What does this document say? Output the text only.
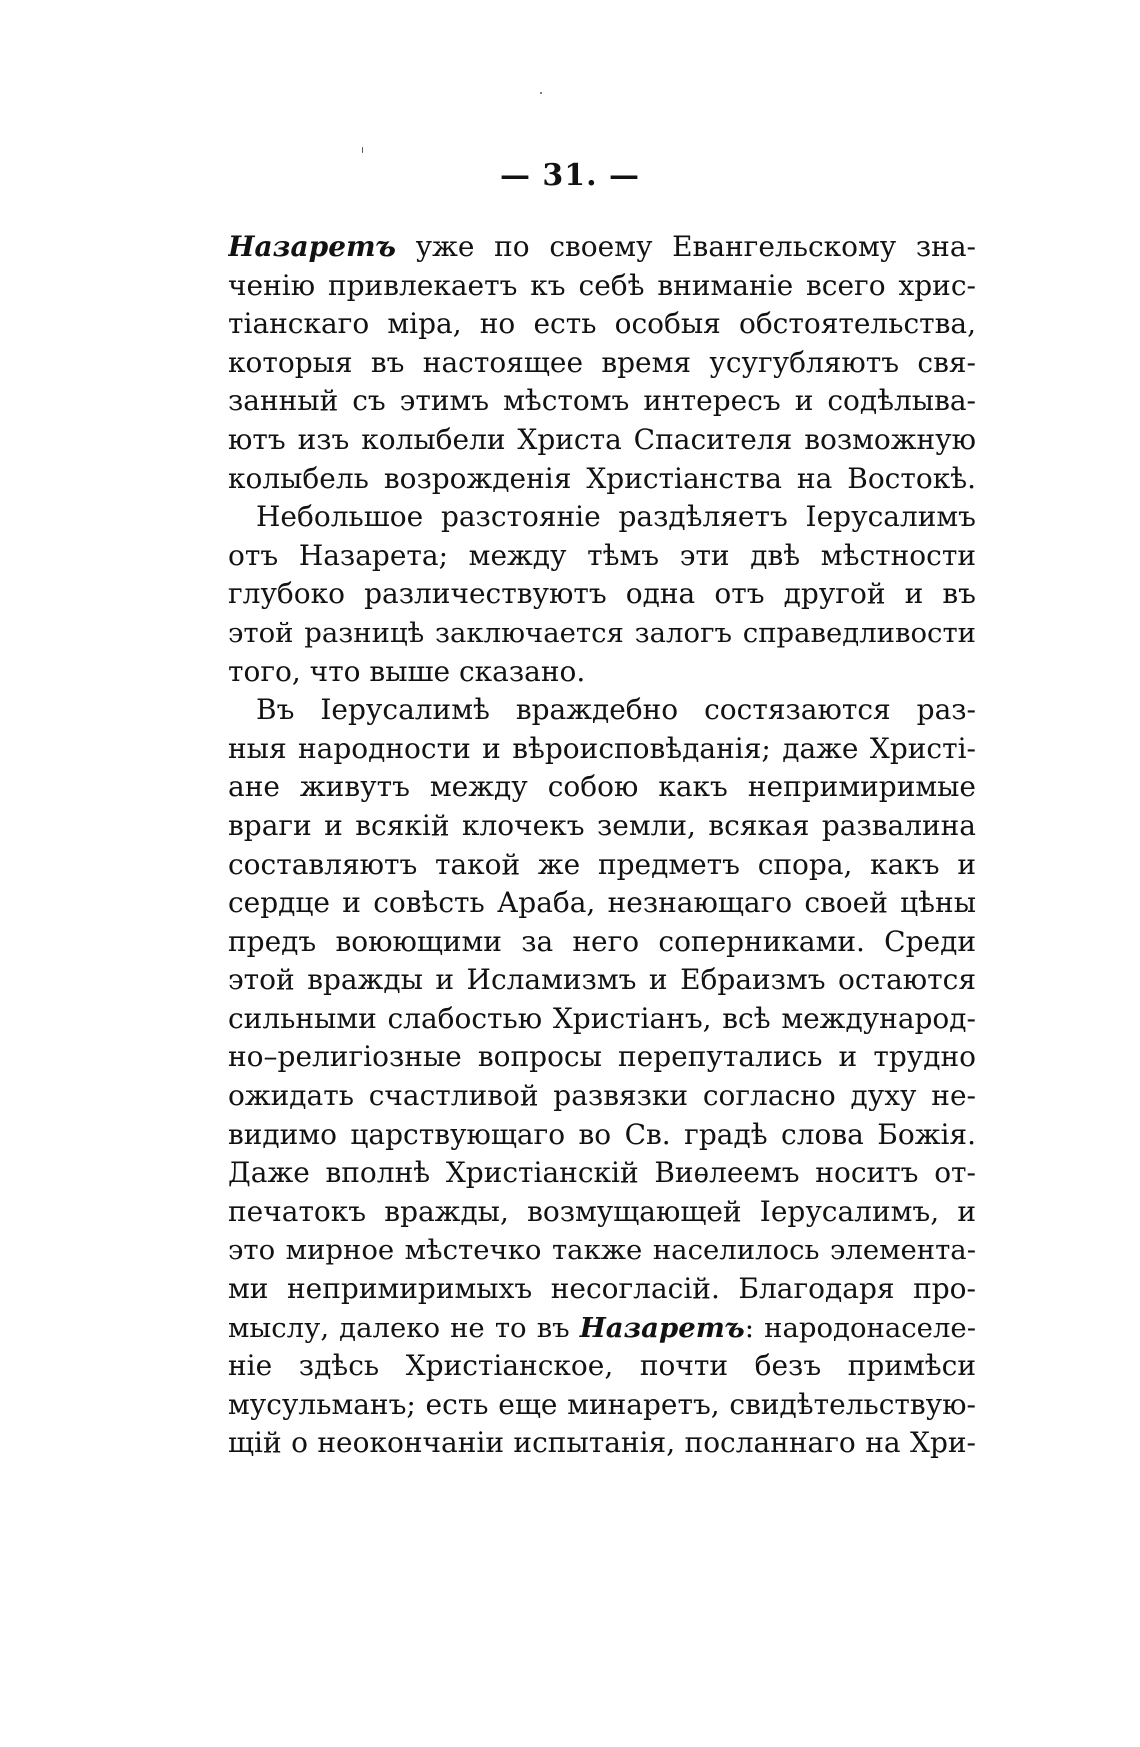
— 31. —
Назаретъ уже по своему Евангельскому зна-
ченію привлекаетъ къ себѣ вниманіе всего хрис-
тіанскаго міра, но есть особыя обстоятельства,
которыя въ настоящее время усугубляютъ свя-
занный съ этимъ мѣстомъ интересъ и содѣлыва-
ютъ изъ колыбели Христа Спасителя возможную
колыбель возрожденія Христіанства на Востокѣ.
Небольшое разстояніе раздѣляетъ Іерусалимъ
отъ Назарета; между тѣмъ эти двѣ мѣстности
глубоко различествуютъ одна отъ другой и въ
этой разницѣ заключается залогъ справедливости
того, что выше сказано.
Въ Іерусалимѣ враждебно состязаются раз-
ныя народности и вѣроисповѣданія; даже Христі-
ане живутъ между собою какъ непримиримые
враги и всякій клочекъ земли, всякая развалина
составляютъ такой же предметъ спора, какъ и
сердце и совѣсть Араба, незнающаго своей цѣны
предъ воюющими за него соперниками. Среди
этой вражды и Исламизмъ и Ебраизмъ остаются
сильными слабостью Христіанъ, всѣ международ-
но–религіозные вопросы перепутались и трудно
ожидать счастливой развязки согласно духу не-
видимо царствующаго во Св. градѣ слова Божія.
Даже вполнѣ Христіанскій Виѳлеемъ носитъ от-
печатокъ вражды, возмущающей Іерусалимъ, и
это мирное мѣстечко также населилось элемента-
ми непримиримыхъ несогласій. Благодаря про-
мыслу, далеко не то въ Назаретъ: народонаселе-
ніе здѣсь Христіанское, почти безъ примѣси
мусульманъ; есть еще минаретъ, свидѣтельствую-
щій о неокончаніи испытанія, посланнаго на Хри-
